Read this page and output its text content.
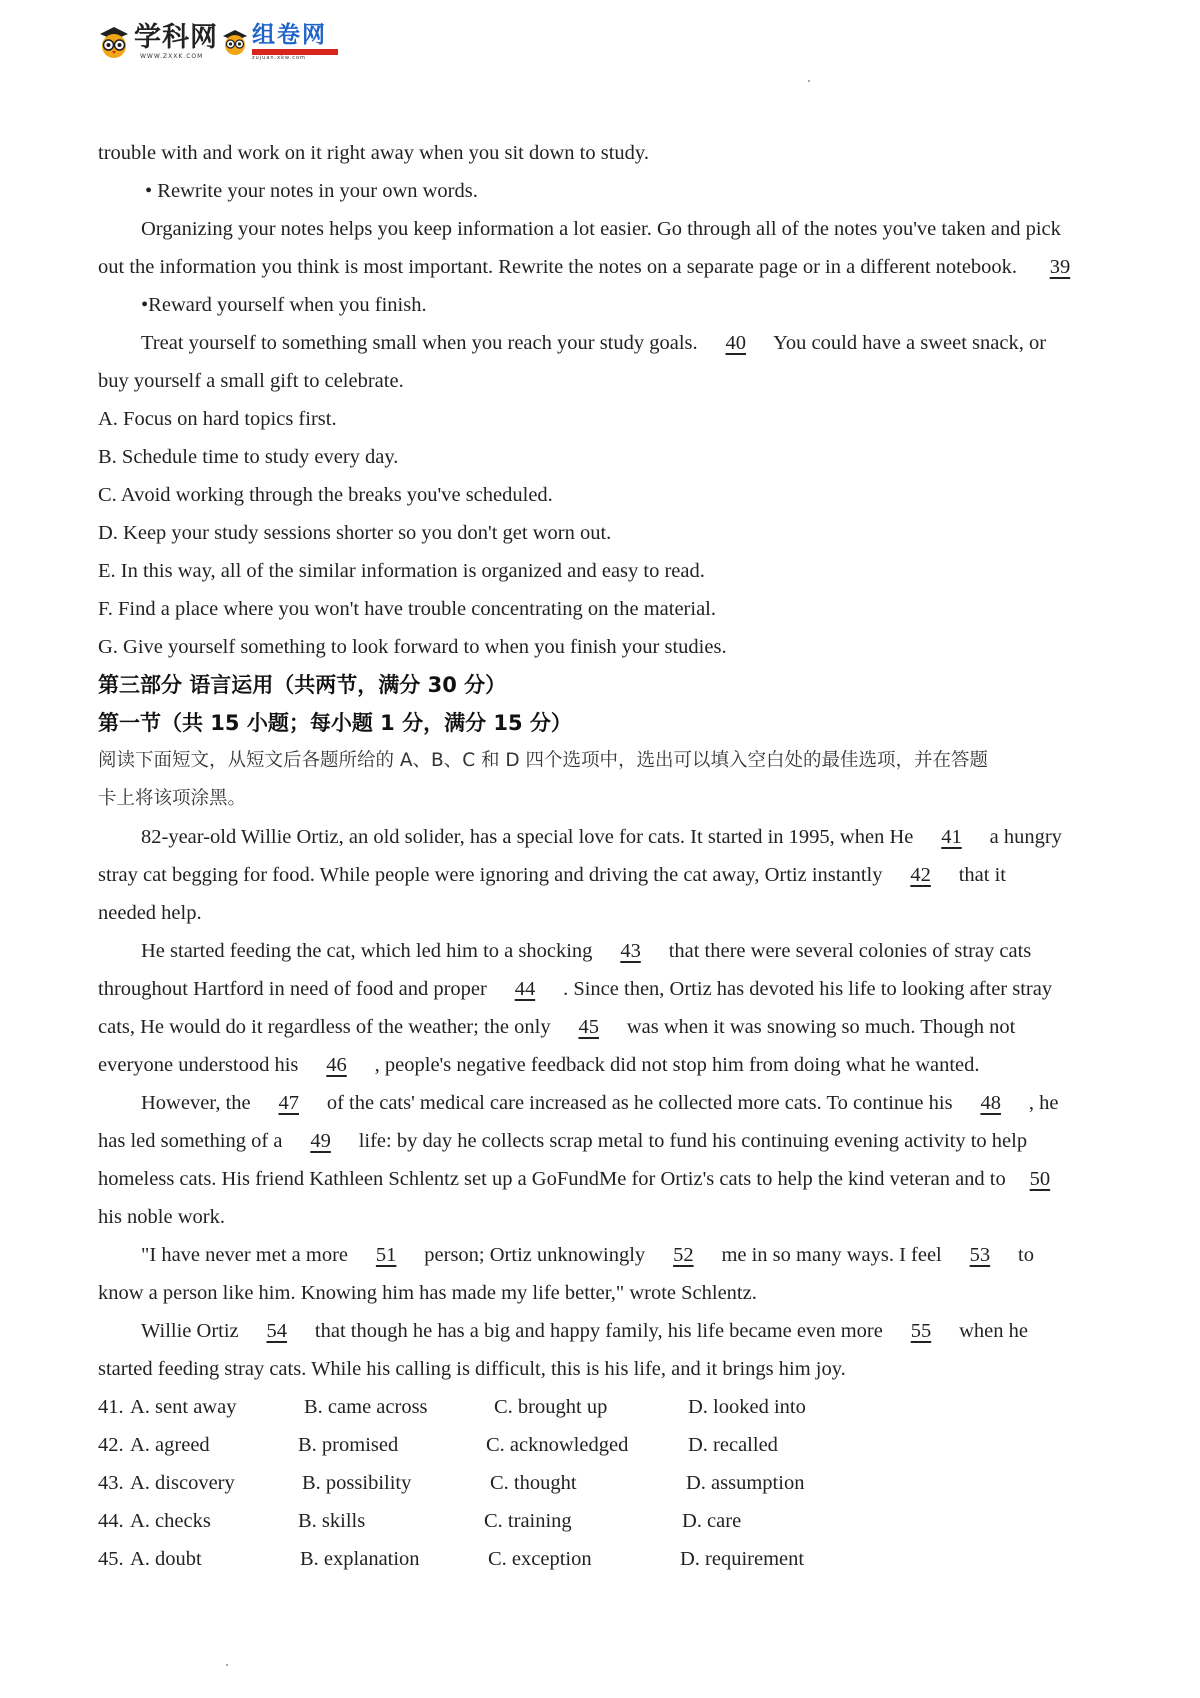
学科网
WWW.ZXXK.COM
组卷网
zujuan.xkw.com
trouble with and work on it right away when you sit down to study.
• Rewrite your notes in your own words.
Organizing your notes helps you keep information a lot easier. Go through all of the notes you've taken and pick
out the information you think is most important. Rewrite the notes on a separate page or in a different notebook. 39
•Reward yourself when you finish.
Treat yourself to something small when you reach your study goals. 40 You could have a sweet snack, or
buy yourself a small gift to celebrate.
A. Focus on hard topics first.
B. Schedule time to study every day.
C. Avoid working through the breaks you've scheduled.
D. Keep your study sessions shorter so you don't get worn out.
E. In this way, all of the similar information is organized and easy to read.
F. Find a place where you won't have trouble concentrating on the material.
G. Give yourself something to look forward to when you finish your studies.
第三部分 语言运用（共两节，满分 30 分）
第一节（共 15 小题；每小题 1 分，满分 15 分）
阅读下面短文，从短文后各题所给的 A、B、C 和 D 四个选项中，选出可以填入空白处的最佳选项，并在答题
卡上将该项涂黑。
82-year-old Willie Ortiz, an old solider, has a special love for cats. It started in 1995, when He 41 a hungry
stray cat begging for food. While people were ignoring and driving the cat away, Ortiz instantly 42 that it
needed help.
He started feeding the cat, which led him to a shocking 43 that there were several colonies of stray cats
throughout Hartford in need of food and proper 44 . Since then, Ortiz has devoted his life to looking after stray
cats, He would do it regardless of the weather; the only 45 was when it was snowing so much. Though not
everyone understood his 46 , people's negative feedback did not stop him from doing what he wanted.
However, the 47 of the cats' medical care increased as he collected more cats. To continue his 48 , he
has led something of a 49 life: by day he collects scrap metal to fund his continuing evening activity to help
homeless cats. His friend Kathleen Schlentz set up a GoFundMe for Ortiz's cats to help the kind veteran and to 50
his noble work.
"I have never met a more 51 person; Ortiz unknowingly 52 me in so many ways. I feel 53 to
know a person like him. Knowing him has made my life better," wrote Schlentz.
Willie Ortiz 54 that though he has a big and happy family, his life became even more 55 when he
started feeding stray cats. While his calling is difficult, this is his life, and it brings him joy.
41. A. sent away	B. came across	C. brought up	D. looked into
42. A. agreed	B. promised	C. acknowledged	D. recalled
43. A. discovery	B. possibility	C. thought	D. assumption
44. A. checks	B. skills	C. training	D. care
45. A. doubt	B. explanation	C. exception	D. requirement
